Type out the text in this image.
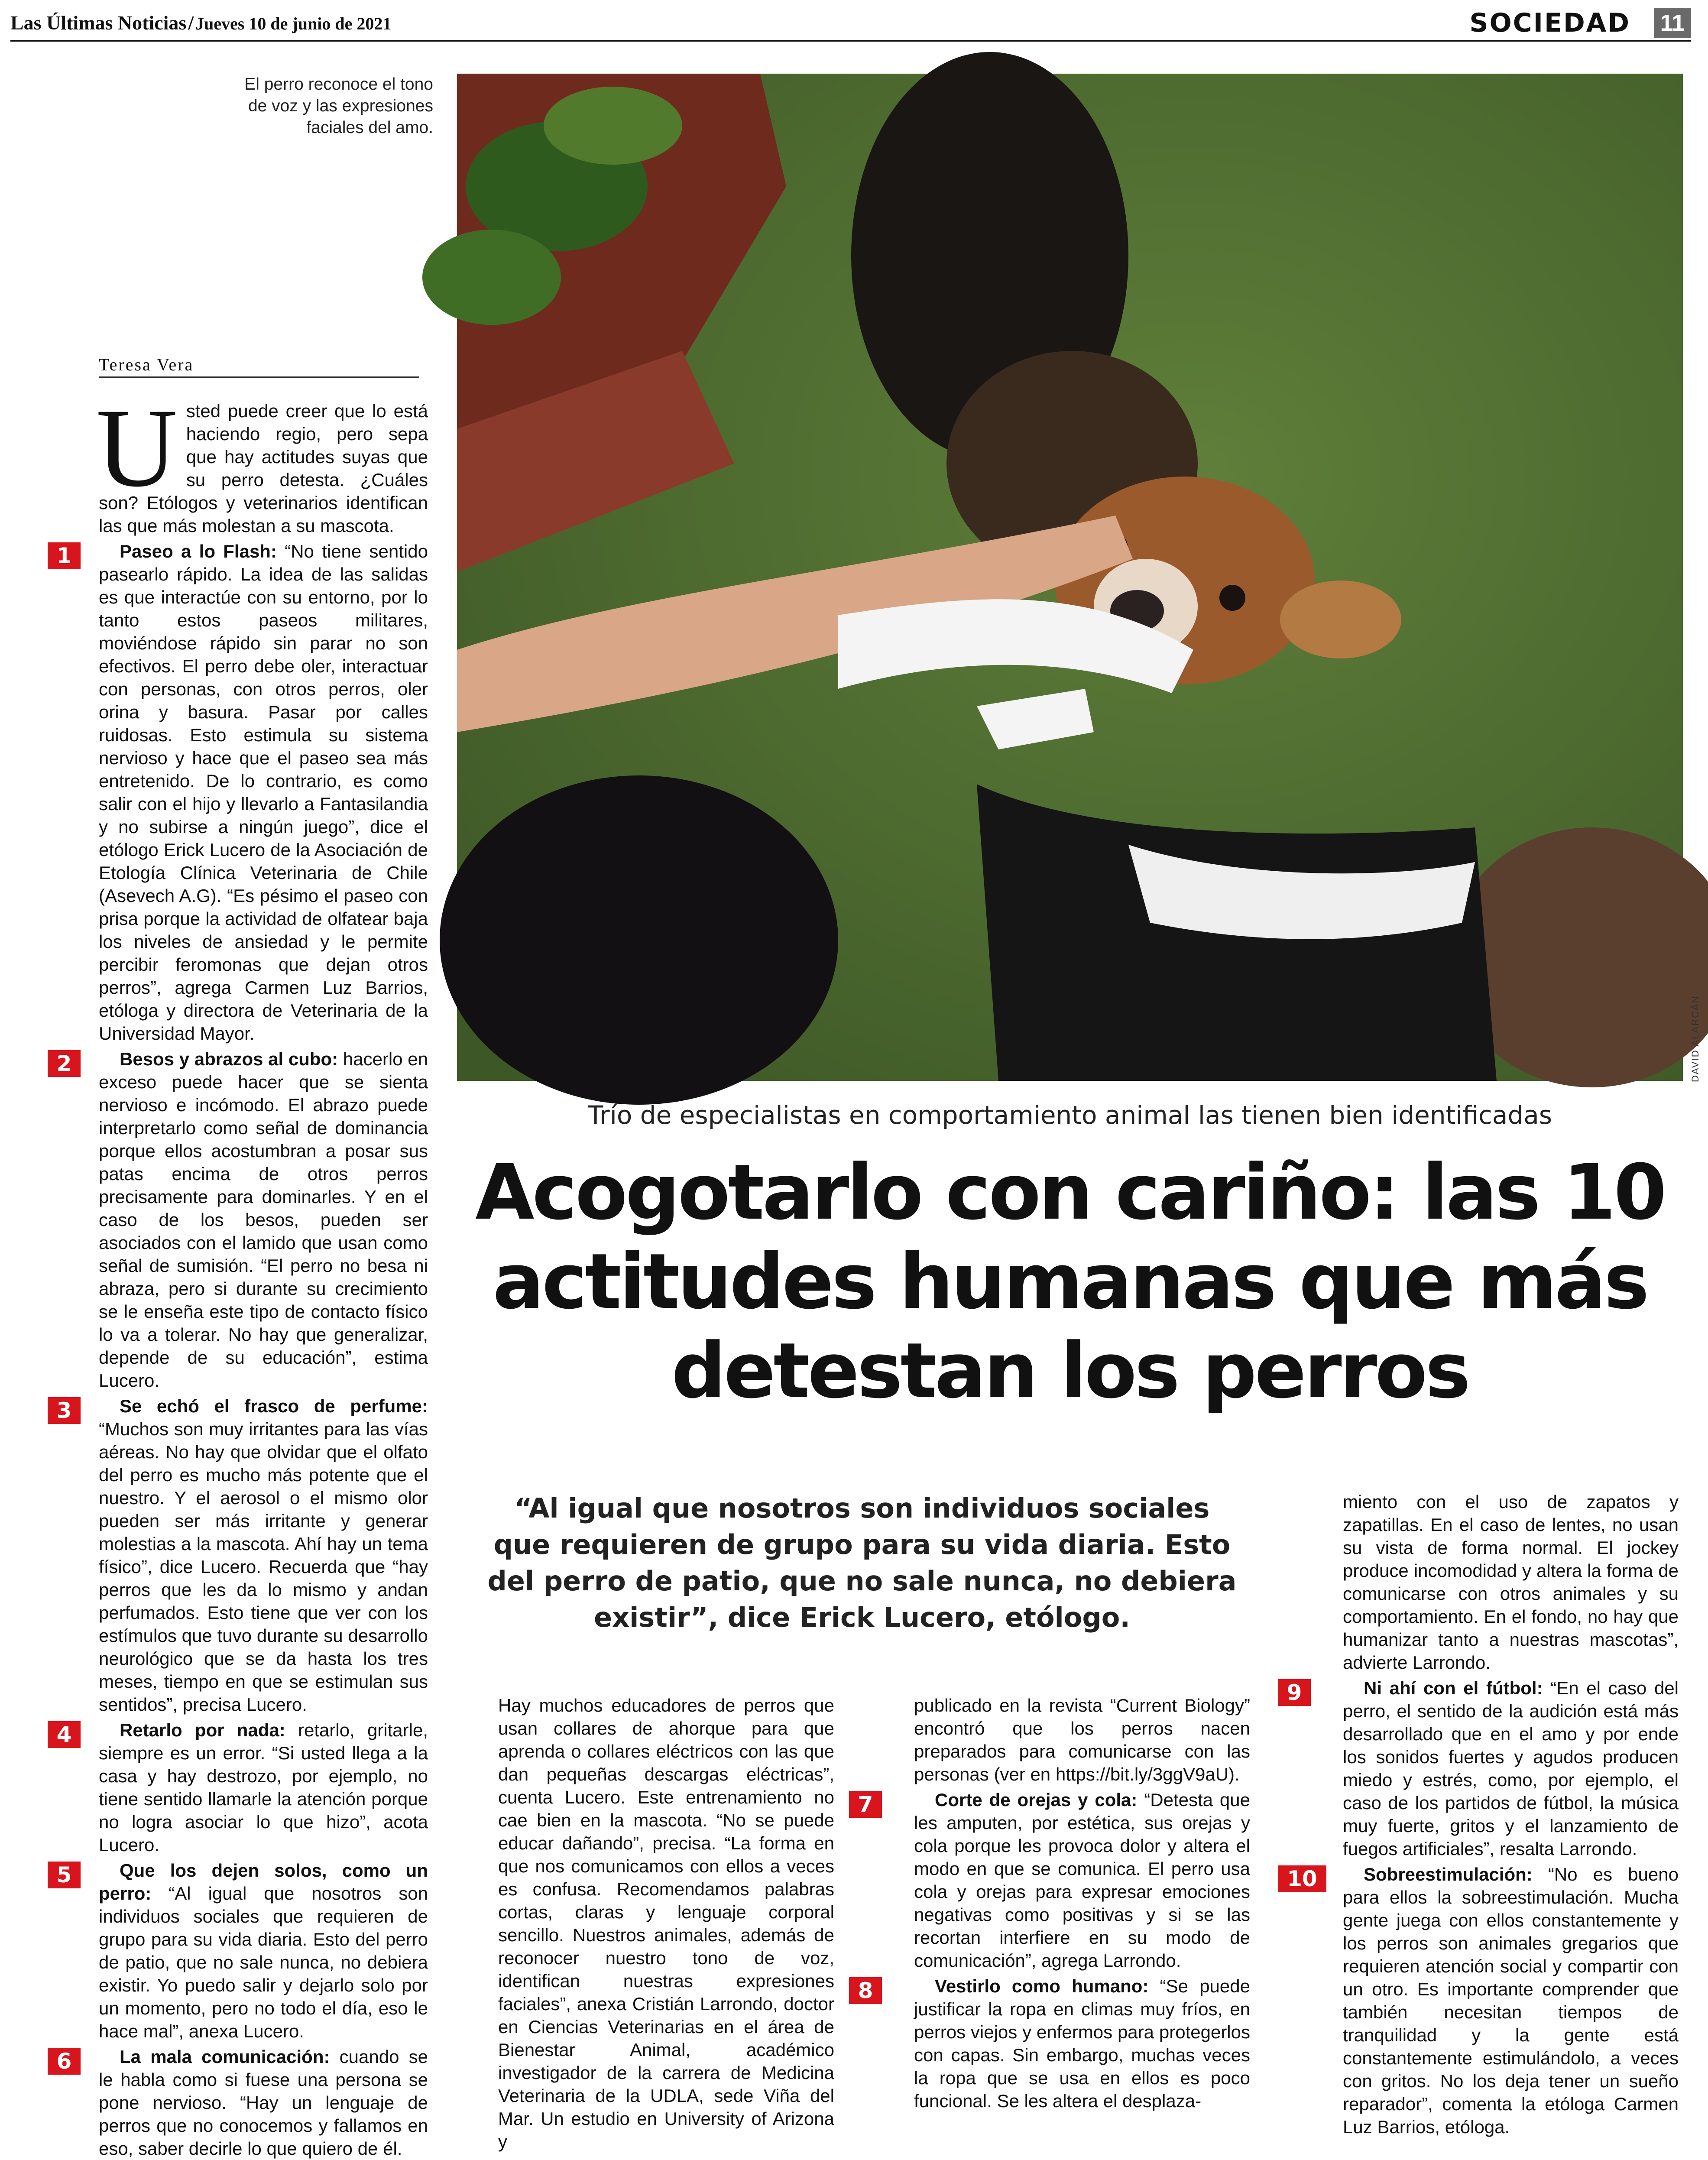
Las Últimas Noticias / Jueves 10 de junio de 2021	SOCIEDAD 11
El perro reconoce el tono de voz y las expresiones faciales del amo.
Teresa Vera
DAVID ALARCÁN
Trío de especialistas en comportamiento animal las tienen bien identificadas
Acogotarlo con cariño: las 10 actitudes humanas que más detestan los perros
“Al igual que nosotros son individuos sociales que requieren de grupo para su vida diaria. Esto del perro de patio, que no sale nunca, no debiera existir”, dice Erick Lucero, etólogo.

Usted puede creer que lo está haciendo regio, pero sepa que hay actitudes suyas que su perro detesta. ¿Cuáles son? Etólogos y veterinarios identifican las que más molestan a su mascota.

1	Paseo a lo Flash: “No tiene sentido pasearlo rápido. La idea de las salidas es que interactúe con su entorno, por lo tanto estos paseos militares, moviéndose rápido sin parar no son efectivos. El perro debe oler, interactuar con personas, con otros perros, oler orina y basura. Pasar por calles ruidosas. Esto estimula su sistema nervioso y hace que el paseo sea más entretenido. De lo contrario, es como salir con el hijo y llevarlo a Fantasilandia y no subirse a ningún juego”, dice el etólogo Erick Lucero de la Asociación de Etología Clínica Veterinaria de Chile (Asevech A.G). “Es pésimo el paseo con prisa porque la actividad de olfatear baja los niveles de ansiedad y le permite percibir feromonas que dejan otros perros”, agrega Carmen Luz Barrios, etóloga y directora de Veterinaria de la Universidad Mayor.

2	Besos y abrazos al cubo: hacerlo en exceso puede hacer que se sienta nervioso e incómodo. El abrazo puede interpretarlo como señal de dominancia porque ellos acostumbran a posar sus patas encima de otros perros precisamente para dominarles. Y en el caso de los besos, pueden ser asociados con el lamido que usan como señal de sumisión. “El perro no besa ni abraza, pero si durante su crecimiento se le enseña este tipo de contacto físico lo va a tolerar. No hay que generalizar, depende de su educación”, estima Lucero.

3	Se echó el frasco de perfume: “Muchos son muy irritantes para las vías aéreas. No hay que olvidar que el olfato del perro es mucho más potente que el nuestro. Y el aerosol o el mismo olor pueden ser más irritante y generar molestias a la mascota. Ahí hay un tema físico”, dice Lucero. Recuerda que “hay perros que les da lo mismo y andan perfumados. Esto tiene que ver con los estímulos que tuvo durante su desarrollo neurológico que se da hasta los tres meses, tiempo en que se estimulan sus sentidos”, precisa Lucero.

4	Retarlo por nada: retarlo, gritarle, siempre es un error. “Si usted llega a la casa y hay destrozo, por ejemplo, no tiene sentido llamarle la atención porque no logra asociar lo que hizo”, acota Lucero.

5	Que los dejen solos, como un perro: “Al igual que nosotros son individuos sociales que requieren de grupo para su vida diaria. Esto del perro de patio, que no sale nunca, no debiera existir. Yo puedo salir y dejarlo solo por un momento, pero no todo el día, eso le hace mal”, anexa Lucero.

6	La mala comunicación: cuando se le habla como si fuese una persona se pone nervioso. “Hay un lenguaje de perros que no conocemos y fallamos en eso, saber decirle lo que quiero de él.

Hay muchos educadores de perros que usan collares de ahorque para que aprenda o collares eléctricos con las que dan pequeñas descargas eléctricas”, cuenta Lucero. Este entrenamiento no cae bien en la mascota. “No se puede educar dañando”, precisa. “La forma en que nos comunicamos con ellos a veces es confusa. Recomendamos palabras cortas, claras y lenguaje corporal sencillo. Nuestros animales, además de reconocer nuestro tono de voz, identifican nuestras expresiones faciales”, anexa Cristián Larrondo, doctor en Ciencias Veterinarias en el área de Bienestar Animal, académico investigador de la carrera de Medicina Veterinaria de la UDLA, sede Viña del Mar. Un estudio en University of Arizona y

publicado en la revista “Current Biology” encontró que los perros nacen preparados para comunicarse con las personas (ver en https://bit.ly/3ggV9aU).

7	Corte de orejas y cola: “Detesta que les amputen, por estética, sus orejas y cola porque les provoca dolor y altera el modo en que se comunica. El perro usa cola y orejas para expresar emociones negativas como positivas y si se las recortan interfiere en su modo de comunicación”, agrega Larrondo.

8	Vestirlo como humano: “Se puede justificar la ropa en climas muy fríos, en perros viejos y enfermos para protegerlos con capas. Sin embargo, muchas veces la ropa que se usa en ellos es poco funcional. Se les altera el desplaza-

miento con el uso de zapatos y zapatillas. En el caso de lentes, no usan su vista de forma normal. El jockey produce incomodidad y altera la forma de comunicarse con otros animales y su comportamiento. En el fondo, no hay que humanizar tanto a nuestras mascotas”, advierte Larrondo.

9	Ni ahí con el fútbol: “En el caso del perro, el sentido de la audición está más desarrollado que en el amo y por ende los sonidos fuertes y agudos producen miedo y estrés, como, por ejemplo, el caso de los partidos de fútbol, la música muy fuerte, gritos y el lanzamiento de fuegos artificiales”, resalta Larrondo.

10	Sobreestimulación: “No es bueno para ellos la sobreestimulación. Mucha gente juega con ellos constantemente y los perros son animales gregarios que requieren atención social y compartir con un otro. Es importante comprender que también necesitan tiempos de tranquilidad y la gente está constantemente estimulándolo, a veces con gritos. No los deja tener un sueño reparador”, comenta la etóloga Carmen Luz Barrios, etóloga.
